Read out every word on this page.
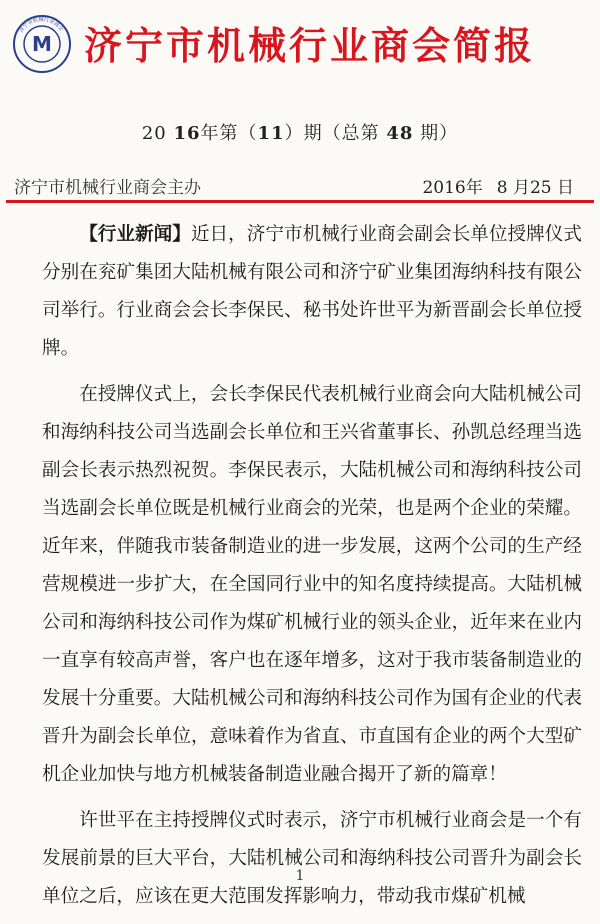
济宁市机械行业商会
M 济宁市机械行业商会简报
20 16年第（11）期（总第 48 期）
济宁市机械行业商会主办	2016年 8 月25 日

【行业新闻】近日，济宁市机械行业商会副会长单位授牌仪式分别在兖矿集团大陆机械有限公司和济宁矿业集团海纳科技有限公司举行。行业商会会长李保民、秘书处许世平为新晋副会长单位授牌。

在授牌仪式上，会长李保民代表机械行业商会向大陆机械公司和海纳科技公司当选副会长单位和王兴省董事长、孙凯总经理当选副会长表示热烈祝贺。李保民表示，大陆机械公司和海纳科技公司当选副会长单位既是机械行业商会的光荣，也是两个企业的荣耀。近年来，伴随我市装备制造业的进一步发展，这两个公司的生产经营规模进一步扩大，在全国同行业中的知名度持续提高。大陆机械公司和海纳科技公司作为煤矿机械行业的领头企业，近年来在业内一直享有较高声誉，客户也在逐年增多，这对于我市装备制造业的发展十分重要。大陆机械公司和海纳科技公司作为国有企业的代表晋升为副会长单位，意味着作为省直、市直国有企业的两个大型矿机企业加快与地方机械装备制造业融合揭开了新的篇章！

许世平在主持授牌仪式时表示，济宁市机械行业商会是一个有发展前景的巨大平台，大陆机械公司和海纳科技公司晋升为副会长单位之后，应该在更大范围发挥影响力，带动我市煤矿机械

1
